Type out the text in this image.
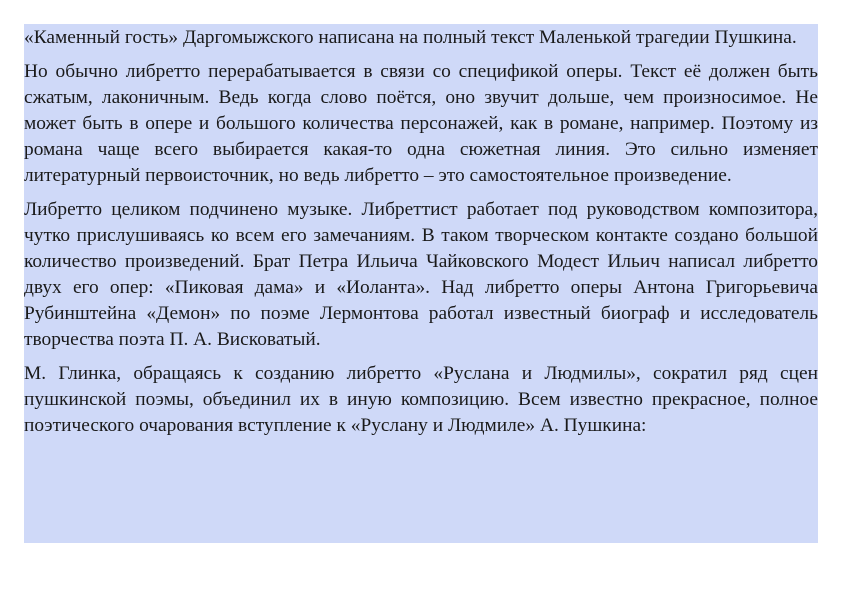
«Каменный гость» Даргомыжского написана на полный текст Маленькой трагедии Пушкина.

Но обычно либретто перерабатывается в связи со спецификой оперы. Текст её должен быть сжатым, лаконичным. Ведь когда слово поётся, оно звучит дольше, чем произносимое. Не может быть в опере и большого количества персонажей, как в романе, например. Поэтому из романа чаще всего выбирается какая-то одна сюжетная линия. Это сильно изменяет литературный первоисточник, но ведь либретто – это самостоятельное произведение.

Либретто целиком подчинено музыке. Либреттист работает под руководством композитора, чутко прислушиваясь ко всем его замечаниям. В таком творческом контакте создано большой количество произведений. Брат Петра Ильича Чайковского Модест Ильич написал либретто двух его опер: «Пиковая дама» и «Иоланта». Над либретто оперы Антона Григорьевича Рубинштейна «Демон» по поэме Лермонтова работал известный биограф и исследователь творчества поэта П. А. Висковатый.

М. Глинка, обращаясь к созданию либретто «Руслана и Людмилы», сократил ряд сцен пушкинской поэмы, объединил их в иную композицию. Всем известно прекрасное, полное поэтического очарования вступление к «Руслану и Людмиле» А. Пушкина:
